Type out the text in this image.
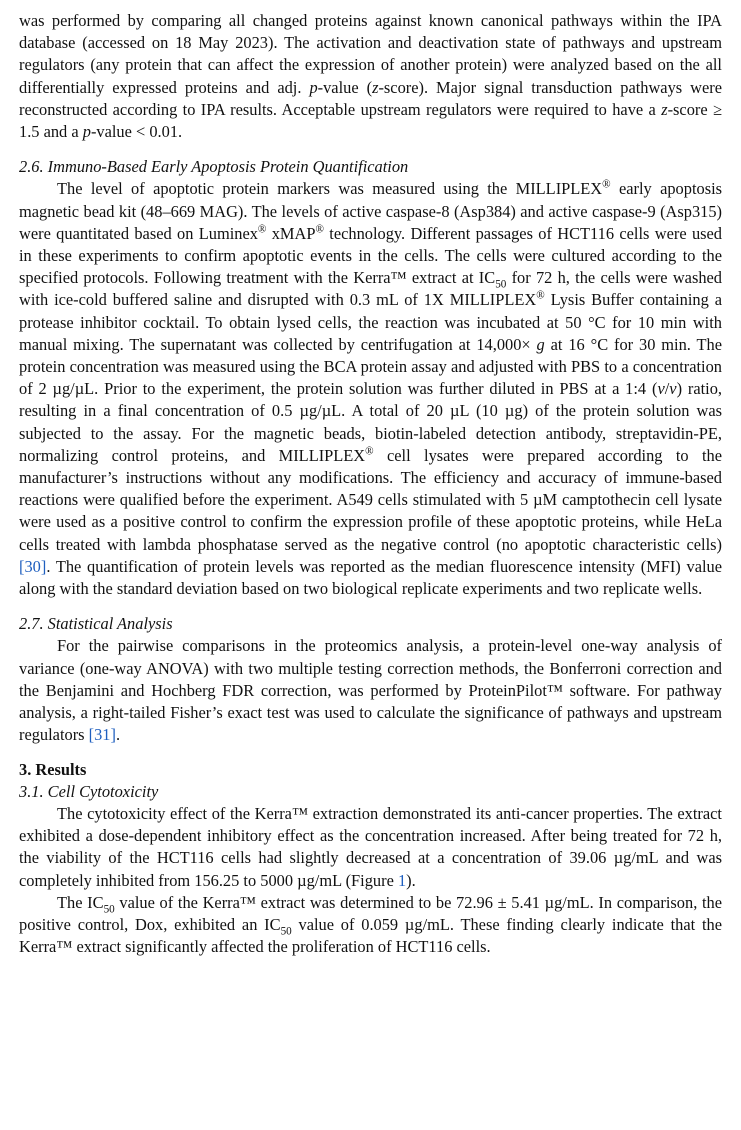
was performed by comparing all changed proteins against known canonical pathways within the IPA database (accessed on 18 May 2023). The activation and deactivation state of pathways and upstream regulators (any protein that can affect the expression of another protein) were analyzed based on the all differentially expressed proteins and adj. p-value (z-score). Major signal transduction pathways were reconstructed according to IPA results. Acceptable upstream regulators were required to have a z-score ≥ 1.5 and a p-value < 0.01.

2.6. Immuno-Based Early Apoptosis Protein Quantification

The level of apoptotic protein markers was measured using the MILLIPLEX® early apoptosis magnetic bead kit (48–669 MAG). The levels of active caspase-8 (Asp384) and active caspase-9 (Asp315) were quantitated based on Luminex® xMAP® technology. Different passages of HCT116 cells were used in these experiments to confirm apoptotic events in the cells. The cells were cultured according to the specified protocols. Following treatment with the Kerra™ extract at $IC_{50}$ for 72 h, the cells were washed with ice-cold buffered saline and disrupted with 0.3 mL of 1X MILLIPLEX® Lysis Buffer containing a protease inhibitor cocktail. To obtain lysed cells, the reaction was incubated at 50 °C for 10 min with manual mixing. The supernatant was collected by centrifugation at 14,000× g at 16 °C for 30 min. The protein concentration was measured using the BCA protein assay and adjusted with PBS to a concentration of 2 µg/µL. Prior to the experiment, the protein solution was further diluted in PBS at a 1:4 (v/v) ratio, resulting in a final concentration of 0.5 µg/µL. A total of 20 µL (10 µg) of the protein solution was subjected to the assay. For the magnetic beads, biotin-labeled detection antibody, streptavidin-PE, normalizing control proteins, and MILLIPLEX® cell lysates were prepared according to the manufacturer’s instructions without any modifications. The efficiency and accuracy of immune-based reactions were qualified before the experiment. A549 cells stimulated with 5 µM camptothecin cell lysate were used as a positive control to confirm the expression profile of these apoptotic proteins, while HeLa cells treated with lambda phosphatase served as the negative control (no apoptotic characteristic cells) [30]. The quantification of protein levels was reported as the median fluorescence intensity (MFI) value along with the standard deviation based on two biological replicate experiments and two replicate wells.

2.7. Statistical Analysis

For the pairwise comparisons in the proteomics analysis, a protein-level one-way analysis of variance (one-way ANOVA) with two multiple testing correction methods, the Bonferroni correction and the Benjamini and Hochberg FDR correction, was performed by ProteinPilot™ software. For pathway analysis, a right-tailed Fisher’s exact test was used to calculate the significance of pathways and upstream regulators [31].

3. Results
3.1. Cell Cytotoxicity

The cytotoxicity effect of the Kerra™ extraction demonstrated its anti-cancer properties. The extract exhibited a dose-dependent inhibitory effect as the concentration increased. After being treated for 72 h, the viability of the HCT116 cells had slightly decreased at a concentration of 39.06 µg/mL and was completely inhibited from 156.25 to 5000 µg/mL (Figure 1).

The $IC_{50}$ value of the Kerra™ extract was determined to be 72.96 ± 5.41 µg/mL. In comparison, the positive control, Dox, exhibited an $IC_{50}$ value of 0.059 µg/mL. These finding clearly indicate that the Kerra™ extract significantly affected the proliferation of HCT116 cells.
